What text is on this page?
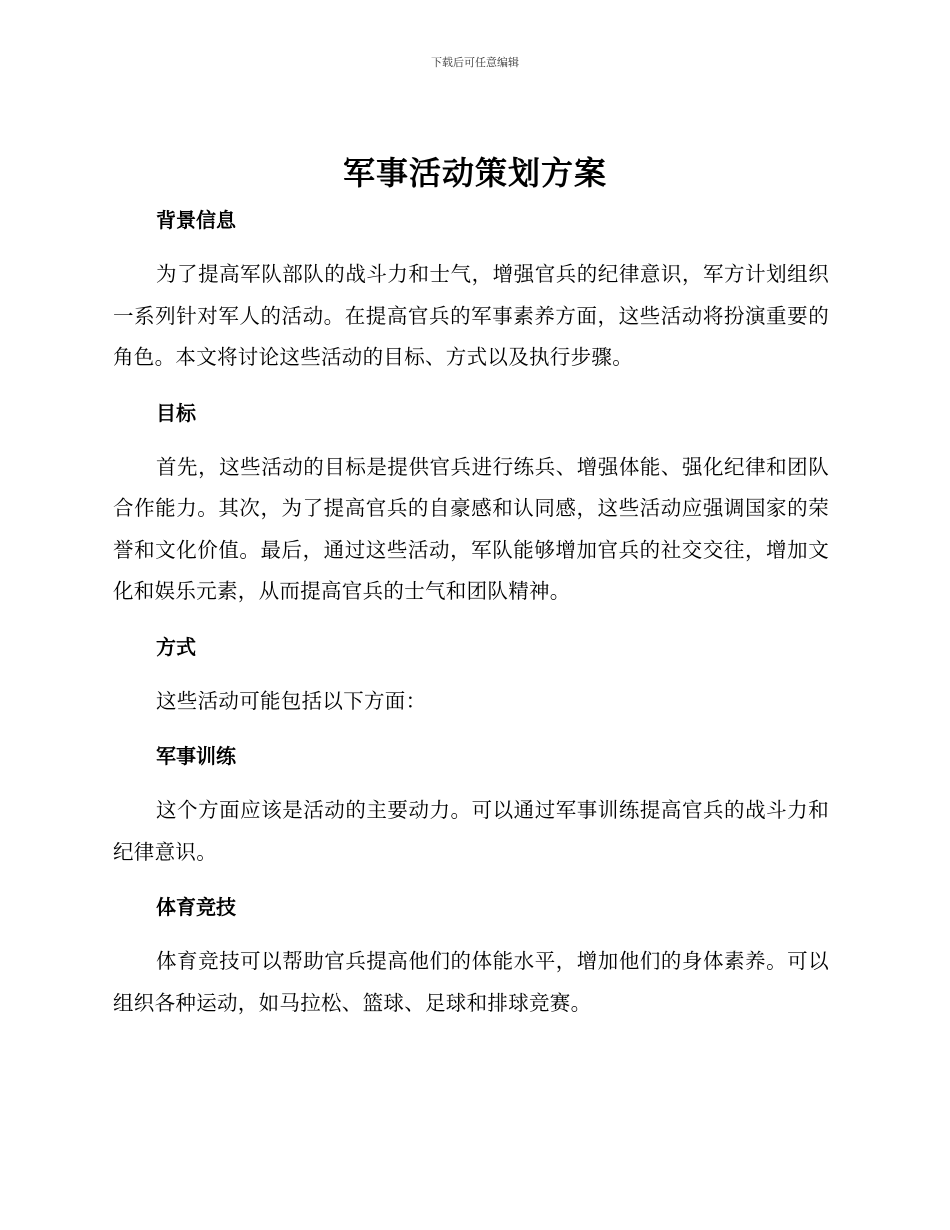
下载后可任意编辑
军事活动策划方案
背景信息

为了提高军队部队的战斗力和士气，增强官兵的纪律意识，军方计划组织一系列针对军人的活动。在提高官兵的军事素养方面，这些活动将扮演重要的角色。本文将讨论这些活动的目标、方式以及执行步骤。

目标

首先，这些活动的目标是提供官兵进行练兵、增强体能、强化纪律和团队合作能力。其次，为了提高官兵的自豪感和认同感，这些活动应强调国家的荣誉和文化价值。最后，通过这些活动，军队能够增加官兵的社交交往，增加文化和娱乐元素，从而提高官兵的士气和团队精神。

方式

这些活动可能包括以下方面：

军事训练

这个方面应该是活动的主要动力。可以通过军事训练提高官兵的战斗力和纪律意识。

体育竞技

体育竞技可以帮助官兵提高他们的体能水平，增加他们的身体素养。可以组织各种运动，如马拉松、篮球、足球和排球竞赛。
